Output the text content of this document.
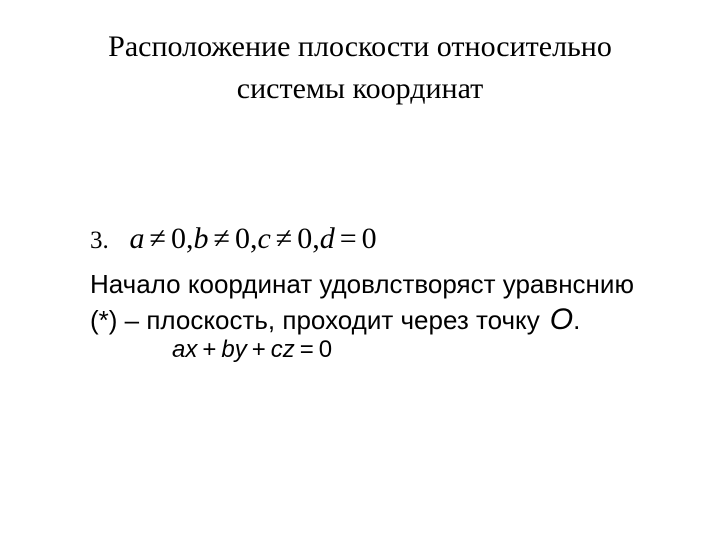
Расположение плоскости относительно
системы координат
3. a ≠ 0,b ≠ 0,c ≠ 0,d = 0
Начало координат удовлстворяст уравнснию
(*) – плоскость, проходит через точку O.
ax + by + cz = 0
